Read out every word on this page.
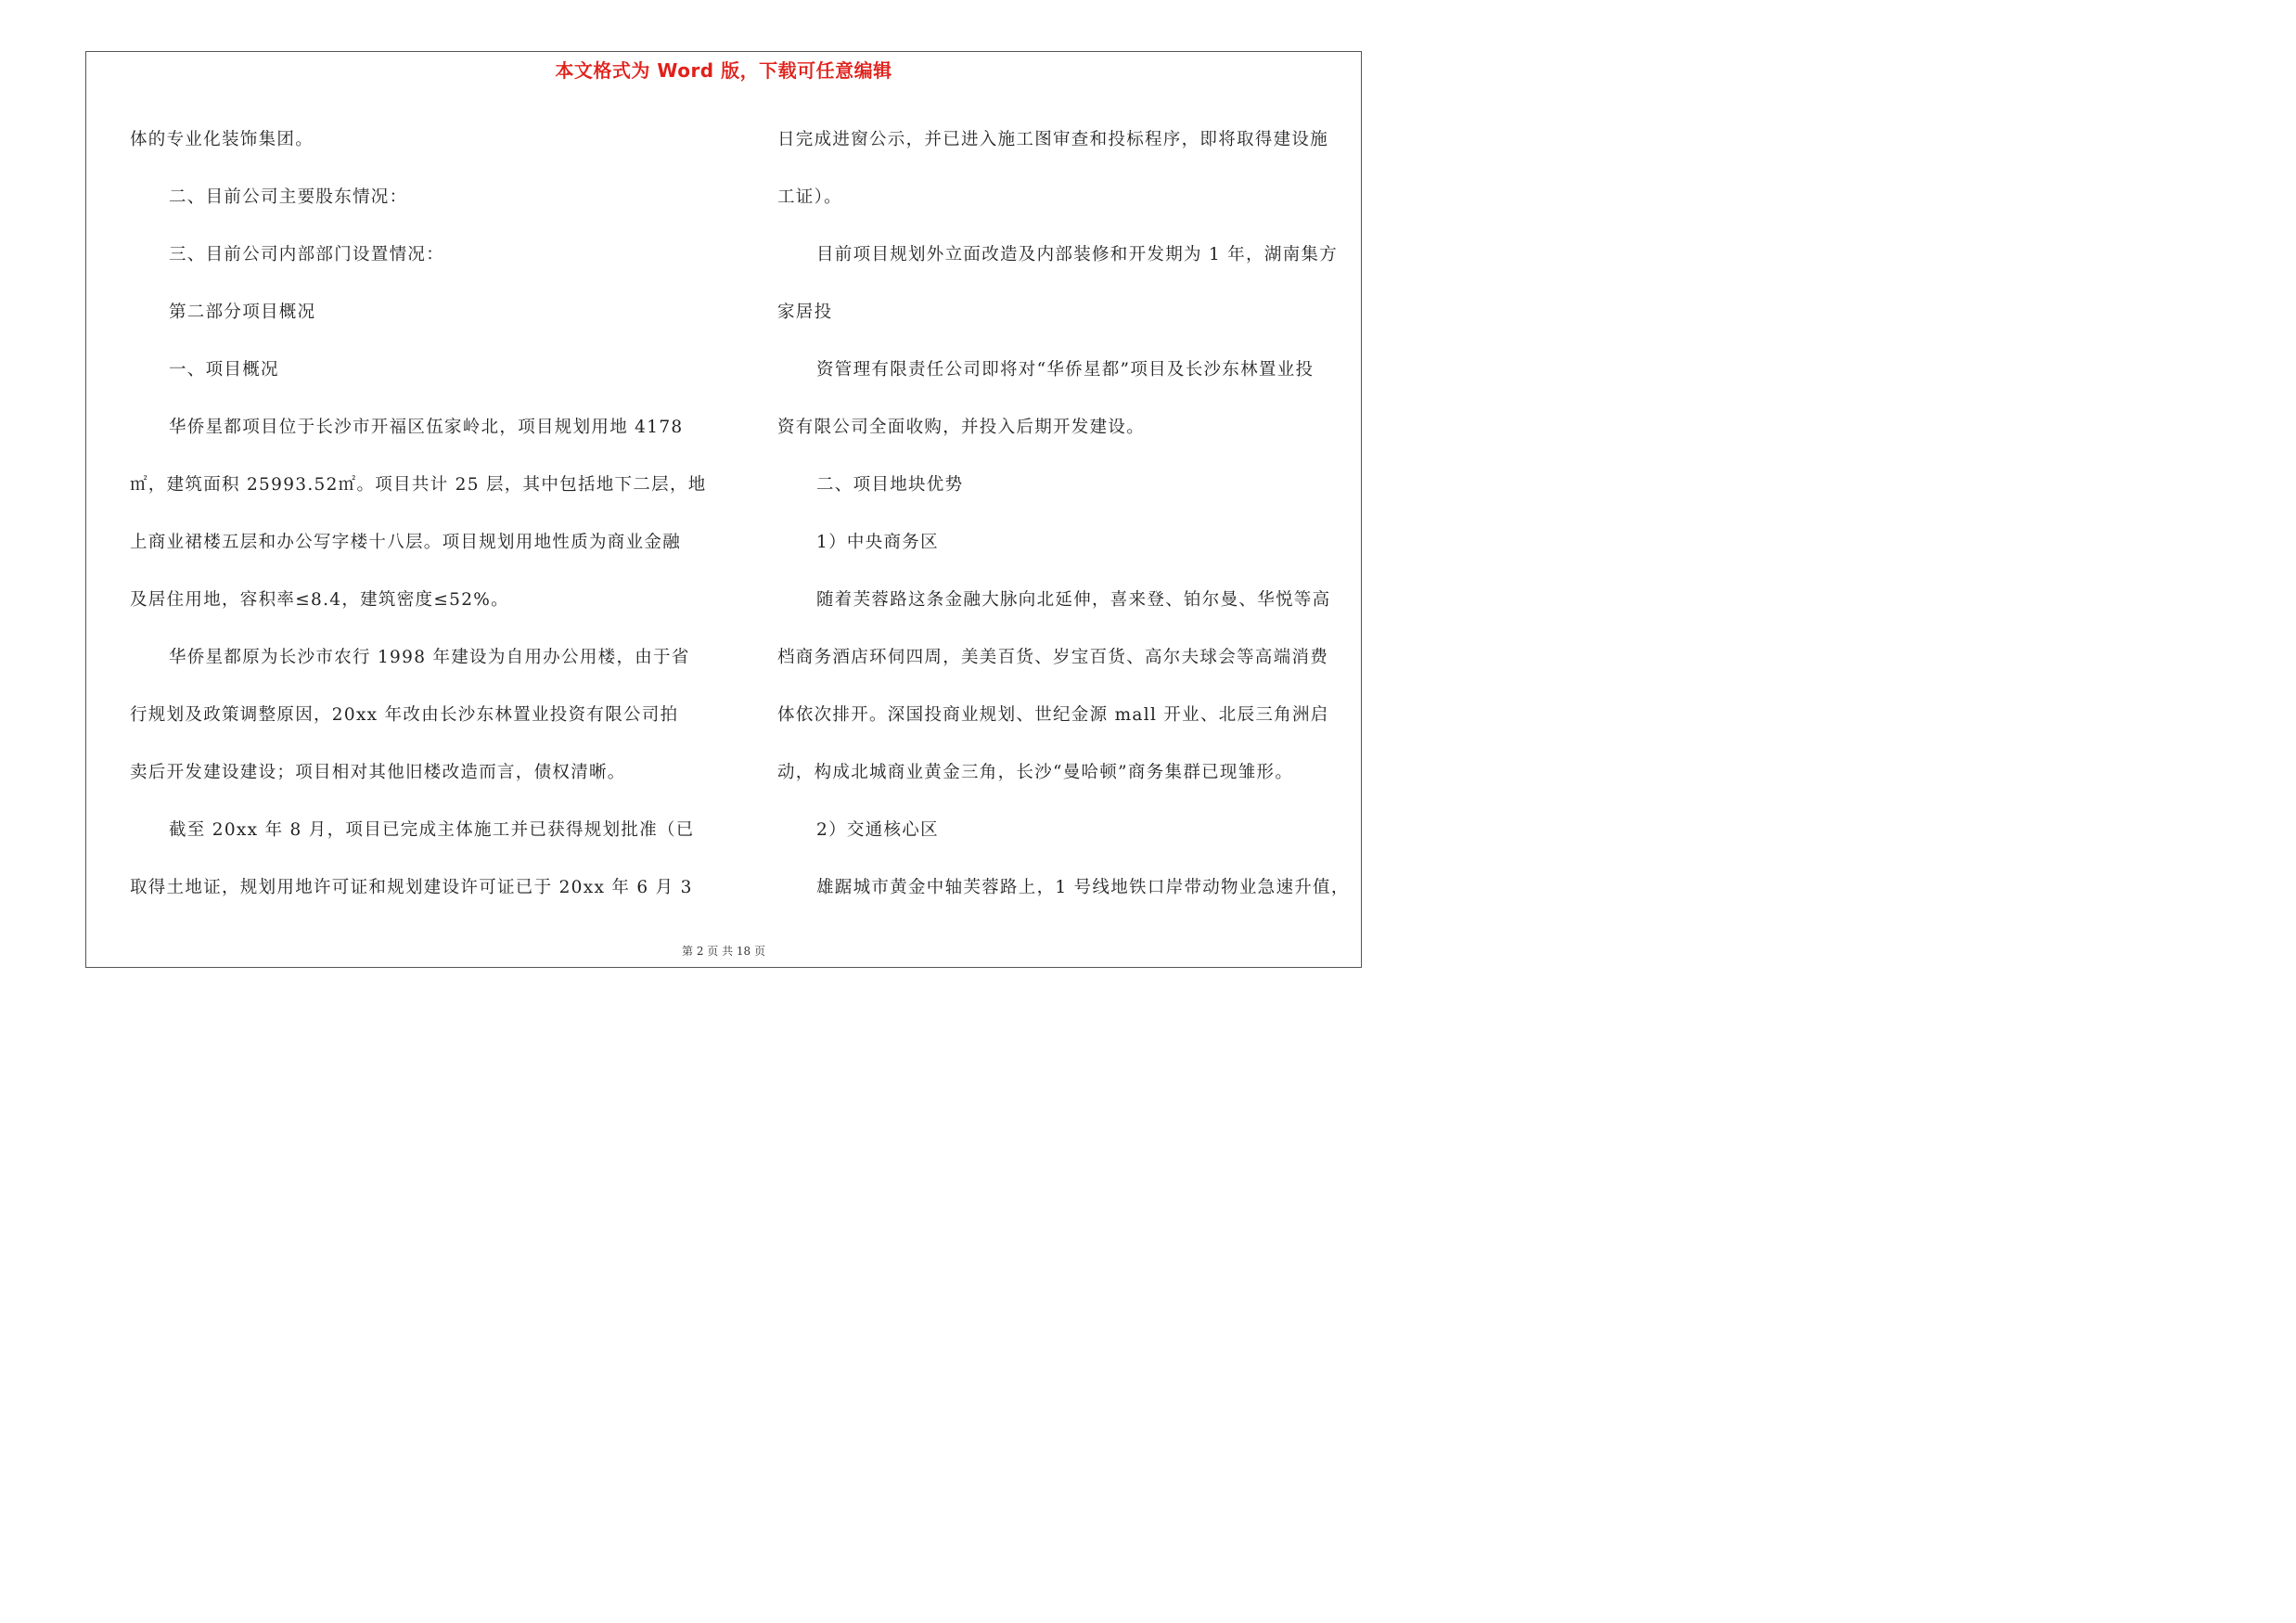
本文格式为 Word 版，下载可任意编辑
体的专业化装饰集团。
二、目前公司主要股东情况：
三、目前公司内部部门设置情况：
第二部分项目概况
一、项目概况
华侨星都项目位于长沙市开福区伍家岭北，项目规划用地 4178
㎡，建筑面积 25993.52㎡。项目共计 25 层，其中包括地下二层，地
上商业裙楼五层和办公写字楼十八层。项目规划用地性质为商业金融
及居住用地，容积率≤8.4，建筑密度≤52%。
华侨星都原为长沙市农行 1998 年建设为自用办公用楼，由于省
行规划及政策调整原因，20xx 年改由长沙东林置业投资有限公司拍
卖后开发建设建设；项目相对其他旧楼改造而言，债权清晰。
截至 20xx 年 8 月，项目已完成主体施工并已获得规划批准（已
取得土地证，规划用地许可证和规划建设许可证已于 20xx 年 6 月 3
日完成进窗公示，并已进入施工图审查和投标程序，即将取得建设施
工证）。
目前项目规划外立面改造及内部装修和开发期为 1 年，湖南集方
家居投
资管理有限责任公司即将对“华侨星都”项目及长沙东林置业投
资有限公司全面收购，并投入后期开发建设。
二、项目地块优势
1）中央商务区
随着芙蓉路这条金融大脉向北延伸，喜来登、铂尔曼、华悦等高
档商务酒店环伺四周，美美百货、岁宝百货、高尔夫球会等高端消费
体依次排开。深国投商业规划、世纪金源 mall 开业、北辰三角洲启
动，构成北城商业黄金三角，长沙“曼哈顿”商务集群已现雏形。
2）交通核心区
雄踞城市黄金中轴芙蓉路上，1 号线地铁口岸带动物业急速升值，
第 2 页 共 18 页
